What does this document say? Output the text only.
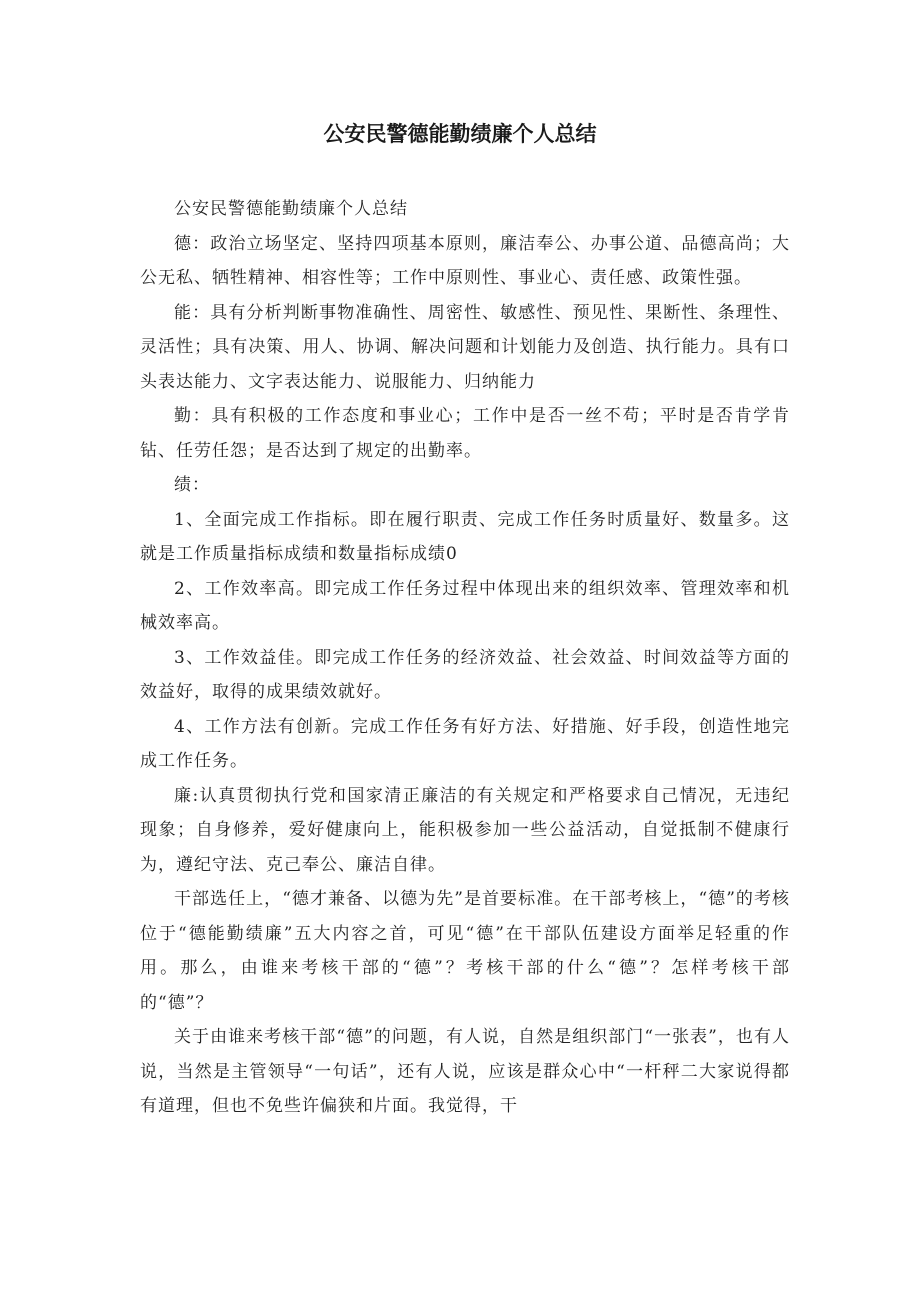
公安民警德能勤绩廉个人总结

公安民警德能勤绩廉个人总结

德：政治立场坚定、坚持四项基本原则，廉洁奉公、办事公道、品德高尚；大公无私、牺牲精神、相容性等；工作中原则性、事业心、责任感、政策性强。

能：具有分析判断事物准确性、周密性、敏感性、预见性、果断性、条理性、灵活性；具有决策、用人、协调、解决问题和计划能力及创造、执行能力。具有口头表达能力、文字表达能力、说服能力、归纳能力

勤：具有积极的工作态度和事业心；工作中是否一丝不苟；平时是否肯学肯钻、任劳任怨；是否达到了规定的出勤率。

绩：

1、全面完成工作指标。即在履行职责、完成工作任务时质量好、数量多。这就是工作质量指标成绩和数量指标成绩0

2、工作效率高。即完成工作任务过程中体现出来的组织效率、管理效率和机械效率高。

3、工作效益佳。即完成工作任务的经济效益、社会效益、时间效益等方面的效益好，取得的成果绩效就好。

4、工作方法有创新。完成工作任务有好方法、好措施、好手段，创造性地完成工作任务。

廉:认真贯彻执行党和国家清正廉洁的有关规定和严格要求自己情况，无违纪现象；自身修养，爱好健康向上，能积极参加一些公益活动，自觉抵制不健康行为，遵纪守法、克己奉公、廉洁自律。

干部选任上，“德才兼备、以德为先”是首要标准。在干部考核上，“德”的考核位于“德能勤绩廉”五大内容之首，可见“德”在干部队伍建设方面举足轻重的作用。那么，由谁来考核干部的“德”？考核干部的什么“德”？怎样考核干部的“德”？

关于由谁来考核干部“德”的问题，有人说，自然是组织部门“一张表”，也有人说，当然是主管领导“一句话”，还有人说，应该是群众心中“一杆秤二大家说得都有道理，但也不免些许偏狭和片面。我觉得，干
